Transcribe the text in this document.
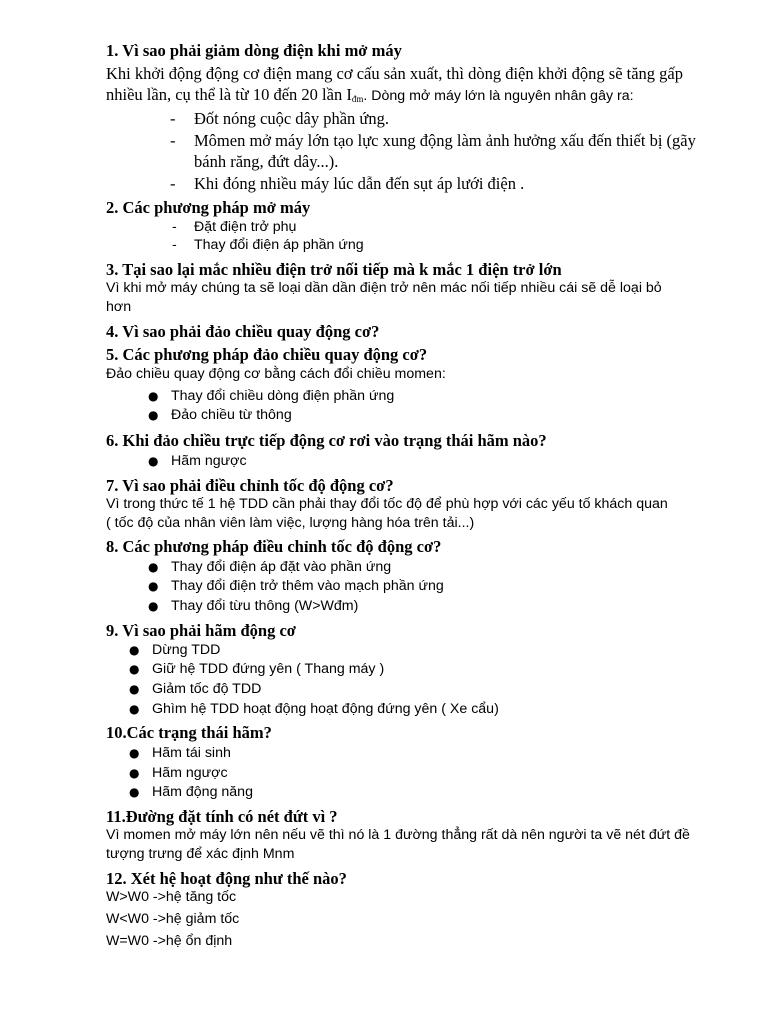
1. Vì sao phải giảm dòng điện khi mở máy
Khi khởi động động cơ điện mang cơ cấu sản xuất, thì dòng điện khởi động sẽ tăng gấp
nhiều lần, cụ thể là từ 10 đến 20 lần $I_{đm}$. Dòng mở máy lớn là nguyên nhân gây ra:
- Đốt nóng cuộc dây phần ứng.
- Mômen mở máy lớn tạo lực xung động làm ảnh hưởng xấu đến thiết bị (gãy
bánh răng, đứt dây...).
- Khi đóng nhiều máy lúc dẫn đến sụt áp lưới điện .
2. Các phương pháp mở máy
- Đặt điện trở phụ
- Thay đổi điện áp phần ứng
3. Tại sao lại mắc nhiều điện trở nối tiếp mà k mắc 1 điện trở lớn
Vì khi mở máy chúng ta sẽ loại dần dần điện trở nên mác nối tiếp nhiều cái sẽ dễ loại bỏ
hơn
4. Vì sao phải đảo chiều quay động cơ?
5. Các phương pháp đảo chiều quay động cơ?
Đảo chiều quay động cơ bằng cách đổi chiều momen:
● Thay đổi chiều dòng điện phần ứng
● Đảo chiều từ thông
6. Khi đảo chiều trực tiếp động cơ rơi vào trạng thái hãm nào?
● Hãm ngược
7. Vì sao phải điều chỉnh tốc độ động cơ?
Vì trong thức tế 1 hệ TDD cần phải thay đổi tốc độ để phù hợp với các yếu tố khách quan
( tốc độ của nhân viên làm việc, lượng hàng hóa trên tải...)
8. Các phương pháp điều chỉnh tốc độ động cơ?
● Thay đổi điện áp đặt vào phần ứng
● Thay đổi điện trở thêm vào mạch phần ứng
● Thay đổi từu thông (W>Wđm)
9. Vì sao phải hãm động cơ
● Dừng TDD
● Giữ hệ TDD đứng yên ( Thang máy )
● Giảm tốc độ TDD
● Ghìm hệ TDD hoạt động hoạt động đứng yên ( Xe cẩu)
10.Các trạng thái hãm?
● Hãm tái sinh
● Hãm ngược
● Hãm động năng
11.Đường đặt tính có nét đứt vì ?
Vì momen mở máy lớn nên nếu vẽ thì nó là 1 đường thẳng rất dà nên người ta vẽ nét đứt đề
tượng trưng để xác định Mnm
12. Xét hệ hoạt động như thế nào?
W>W0 ->hệ tăng tốc
W<W0 ->hệ giảm tốc
W=W0 ->hệ ổn định
